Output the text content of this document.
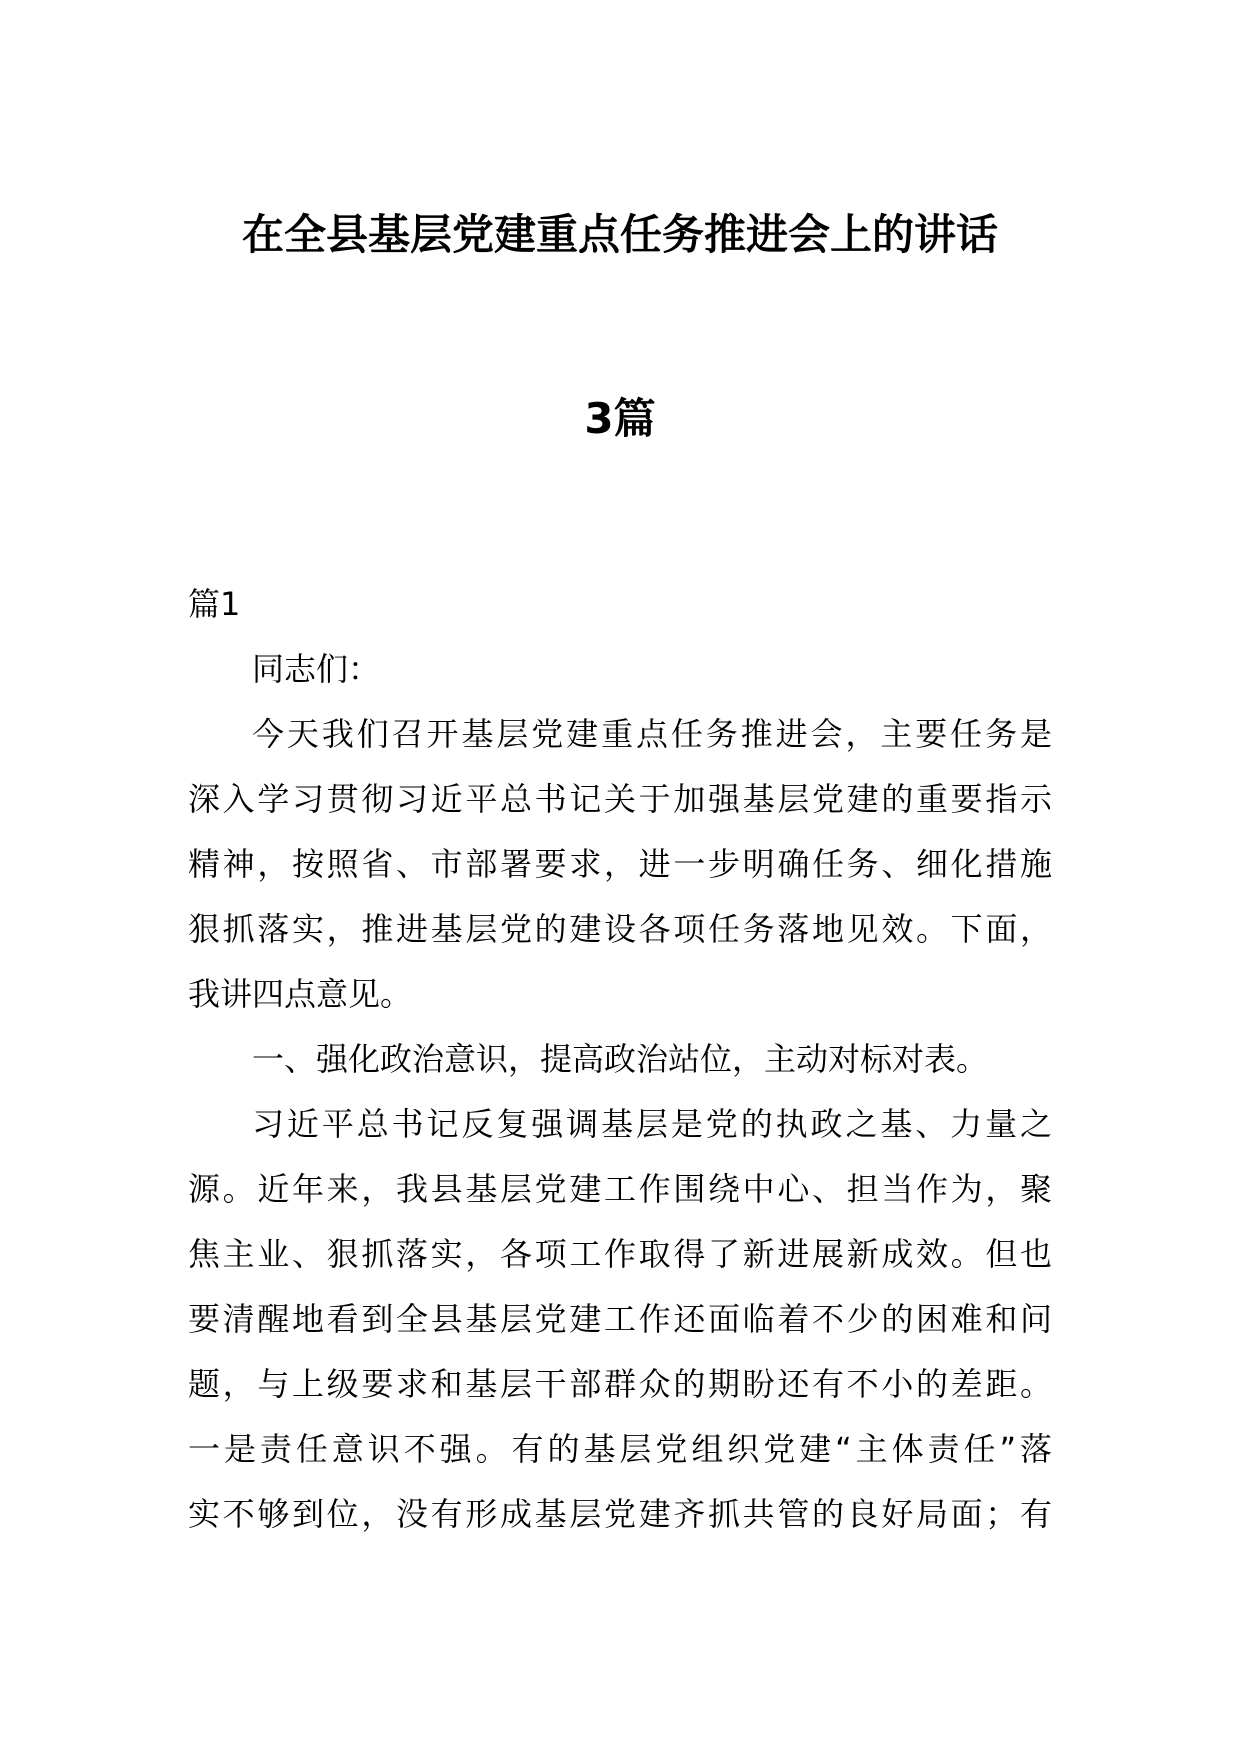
在全县基层党建重点任务推进会上的讲话
3篇
篇1
同志们：
今天我们召开基层党建重点任务推进会，主要任务是
深入学习贯彻习近平总书记关于加强基层党建的重要指示
精神，按照省、市部署要求，进一步明确任务、细化措施
狠抓落实，推进基层党的建设各项任务落地见效。下面，
我讲四点意见。
一、强化政治意识，提高政治站位，主动对标对表。
习近平总书记反复强调基层是党的执政之基、力量之
源。近年来，我县基层党建工作围绕中心、担当作为，聚
焦主业、狠抓落实，各项工作取得了新进展新成效。但也
要清醒地看到全县基层党建工作还面临着不少的困难和问
题，与上级要求和基层干部群众的期盼还有不小的差距。
一是责任意识不强。有的基层党组织党建“主体责任”落
实不够到位，没有形成基层党建齐抓共管的良好局面；有
